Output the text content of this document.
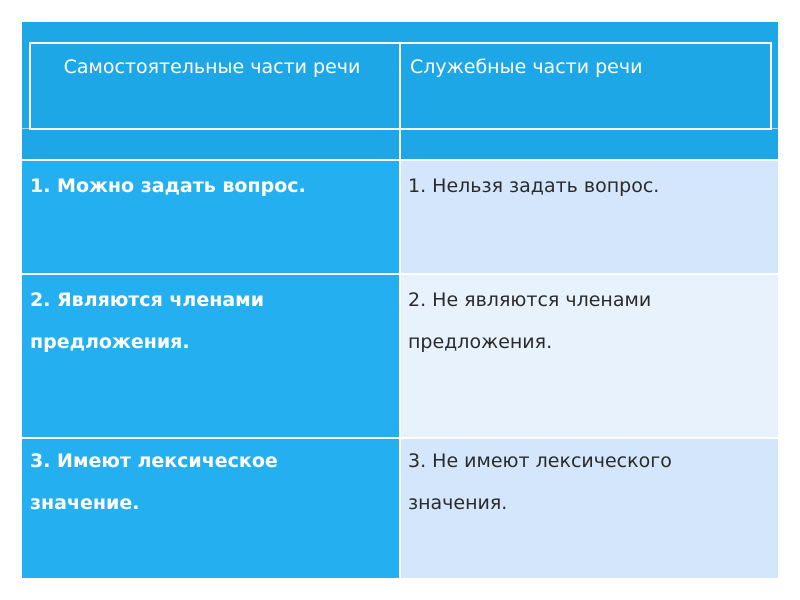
Самостоятельные части речи	Служебные части речи
1. Можно задать вопрос.	1. Нельзя задать вопрос.
2. Являются членами предложения.
2. Не являются членами предложения.
3. Имеют лексическое значение.
3. Не имеют лексического значения.
